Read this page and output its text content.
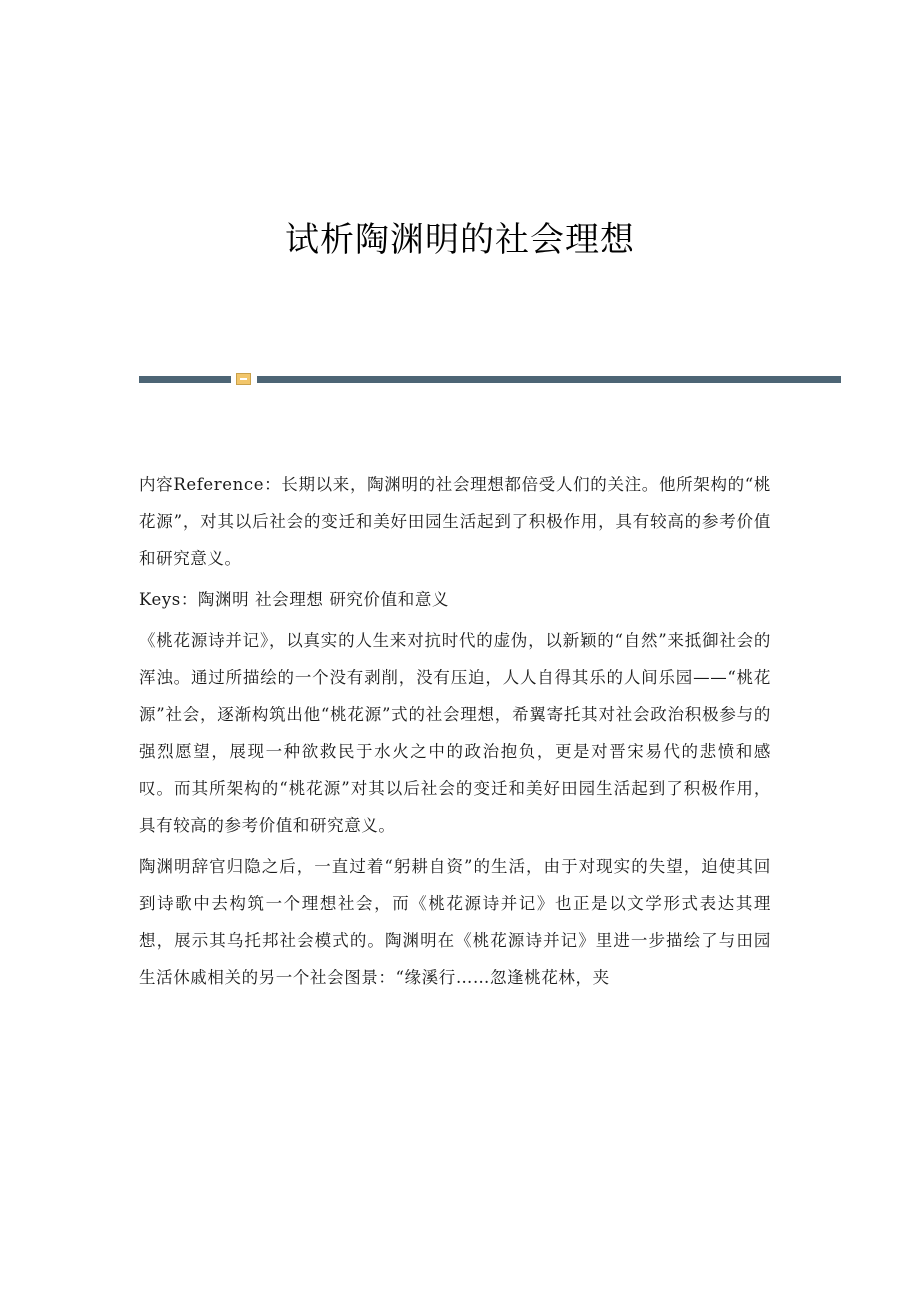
试析陶渊明的社会理想

内容Reference：长期以来，陶渊明的社会理想都倍受人们的关注。他所架构的“桃花源”，对其以后社会的变迁和美好田园生活起到了积极作用，具有较高的参考价值和研究意义。

Keys：陶渊明 社会理想 研究价值和意义

《桃花源诗并记》，以真实的人生来对抗时代的虚伪，以新颖的“自然”来抵御社会的浑浊。通过所描绘的一个没有剥削，没有压迫，人人自得其乐的人间乐园——“桃花源”社会，逐渐构筑出他“桃花源”式的社会理想，希翼寄托其对社会政治积极参与的强烈愿望，展现一种欲救民于水火之中的政治抱负，更是对晋宋易代的悲愤和感叹。而其所架构的“桃花源”对其以后社会的变迁和美好田园生活起到了积极作用，具有较高的参考价值和研究意义。

陶渊明辞官归隐之后，一直过着“躬耕自资”的生活，由于对现实的失望，迫使其回到诗歌中去构筑一个理想社会，而《桃花源诗并记》也正是以文学形式表达其理想，展示其乌托邦社会模式的。陶渊明在《桃花源诗并记》里进一步描绘了与田园生活休戚相关的另一个社会图景：“缘溪行……忽逢桃花林，夹
